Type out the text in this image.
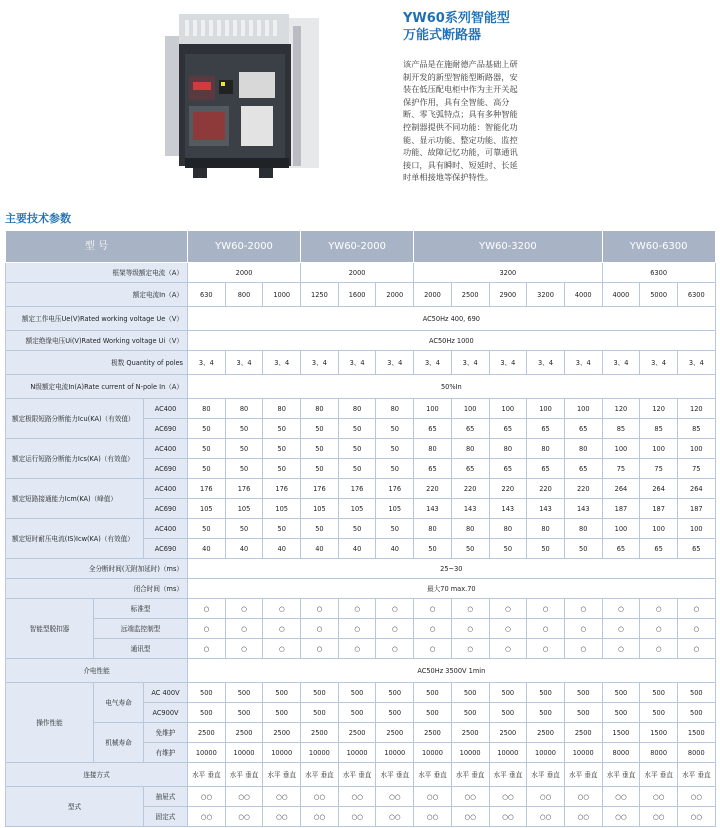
YW60系列智能型
万能式断路器
该产品是在施耐德产品基础上研制开发的新型智能型断路器，安装在低压配电柜中作为主开关起保护作用，具有全智能、高分断、零飞弧特点；具有多种智能控制器提供不同功能：智能化功能、显示功能、整定功能、监控功能、故障记忆功能，可靠通讯接口，具有瞬时、短延时、长延时单相接地等保护特性。
主要技术参数
型 号			YW60-2000			YW60-2000			YW60-3200					YW60-6300		
框架等级额定电流（A）			2000			2000			3200					6300		
额定电流In（A）			630	800	1000	1250	1600	2000	2000	2500	2900	3200	4000	4000	5000	6300
额定工作电压Ue(V)Rated working voltage Ue（V）			AC50Hz 400, 690													
额定绝缘电压Ui(V)Rated Working voltage Ui（V）			AC50Hz 1000													
极数 Quantity of poles			3、4	3、4	3、4	3、4	3、4	3、4	3、4	3、4	3、4	3、4	3、4	3、4	3、4	3、4
N级额定电流In(A)Rate current of N-pole In（A）			50%In													
额定极限短路分断能力Icu(KA)（有效值）		AC400	80	80	80	80	80	80	100	100	100	100	100	120	120	120
		AC690	50	50	50	50	50	50	65	65	65	65	65	85	85	85
额定运行短路分断能力Ics(KA)（有效值）		AC400	50	50	50	50	50	50	80	80	80	80	80	100	100	100
		AC690	50	50	50	50	50	50	65	65	65	65	65	75	75	75
额定短路接通能力Icm(KA)（峰值）		AC400	176	176	176	176	176	176	220	220	220	220	220	264	264	264
		AC690	105	105	105	105	105	105	143	143	143	143	143	187	187	187
额定短时耐压电流(IS)Icw(KA)（有效值）		AC400	50	50	50	50	50	50	80	80	80	80	80	100	100	100
		AC690	40	40	40	40	40	40	50	50	50	50	50	65	65	65
全分断时间(无附加延时)（ms）			25~30													
闭合时间（ms）			最大70 max.70													
智能型脱扣器	标准型		○	○	○	○	○	○	○	○	○	○	○	○	○	○
	远端监控制型		○	○	○	○	○	○	○	○	○	○	○	○	○	○
	通讯型		○	○	○	○	○	○	○	○	○	○	○	○	○	○
介电性能			AC50Hz 3500V 1min													
操作性能	电气寿命	AC 400V	500	500	500	500	500	500	500	500	500	500	500	500	500	500
		AC900V	500	500	500	500	500	500	500	500	500	500	500	500	500	500
	机械寿命	免维护	2500	2500	2500	2500	2500	2500	2500	2500	2500	2500	2500	1500	1500	1500
		有维护	10000	10000	10000	10000	10000	10000	10000	10000	10000	10000	10000	8000	8000	8000
连接方式			水平 垂直	水平 垂直	水平 垂直	水平 垂直	水平 垂直	水平 垂直	水平 垂直	水平 垂直	水平 垂直	水平 垂直	水平 垂直	水平 垂直	水平 垂直	水平 垂直
型式		抽屉式	○○	○○	○○	○○	○○	○○	○○	○○	○○	○○	○○	○○	○○	○○
		固定式	○○	○○	○○	○○	○○	○○	○○	○○	○○	○○	○○	○○	○○	○○
